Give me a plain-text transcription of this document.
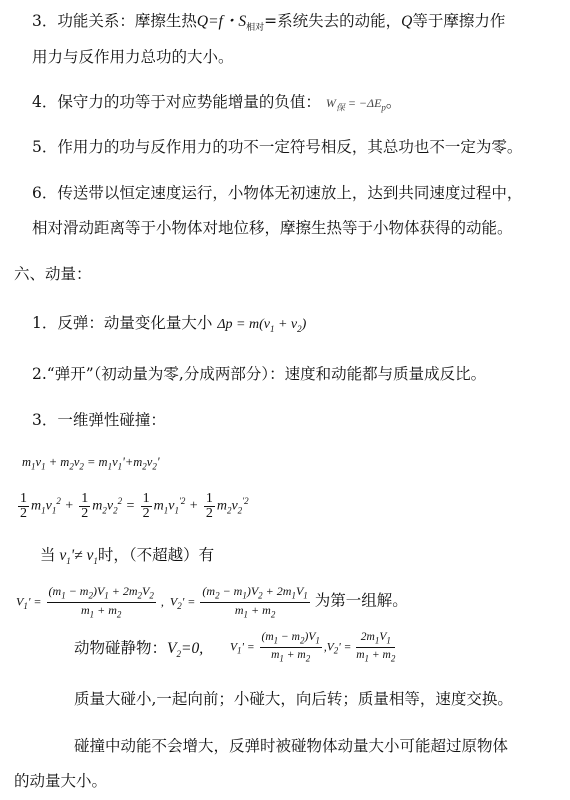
3．功能关系：摩擦生热Q=f・$S_{相对}=$系统失去的动能，Q等于摩擦力作
用力与反作用力总功的大小。
4．保守力的功等于对应势能增量的负值： $W_保 = -\Delta E_p$。
5．作用力的功与反作用力的功不一定符号相反，其总功也不一定为零。
6．传送带以恒定速度运行，小物体无初速放上，达到共同速度过程中，
相对滑动距离等于小物体对地位移，摩擦生热等于小物体获得的动能。
六、动量：
1．反弹：动量变化量大小 $\Delta p = m(v_1 + v_2)$
2.“弹开”（初动量为零,分成两部分）：速度和动能都与质量成反比。
3．一维弹性碰撞：
$m_1v_1 + m_2v_2 = m_1v_1'+m_2v_2'$
$\frac{1}{2} m_1v_1^2 + \frac{1}{2} m_2v_2^2 = \frac{1}{2} m_1v_1^{'2} + \frac{1}{2} m_2v_2^{'2}$
当 $v_1'\ne v_1$时，（不超越）有
$V_1' = \frac{(m_1 - m_2)V_1 + 2m_2V_2}{m_1 + m_2}$ ,  $V_2' = \frac{(m_2 - m_1)V_2 + 2m_1V_1}{m_1 + m_2}$ 为第一组解。
动物碰静物：$V_2=0$, $V_1' = \frac{(m_1 - m_2)V_1}{m_1 + m_2} ,V_2' = \frac{2m_1V_1}{m_1 + m_2}$
质量大碰小,一起向前；小碰大，向后转；质量相等，速度交换。
碰撞中动能不会增大，反弹时被碰物体动量大小可能超过原物体
的动量大小。
